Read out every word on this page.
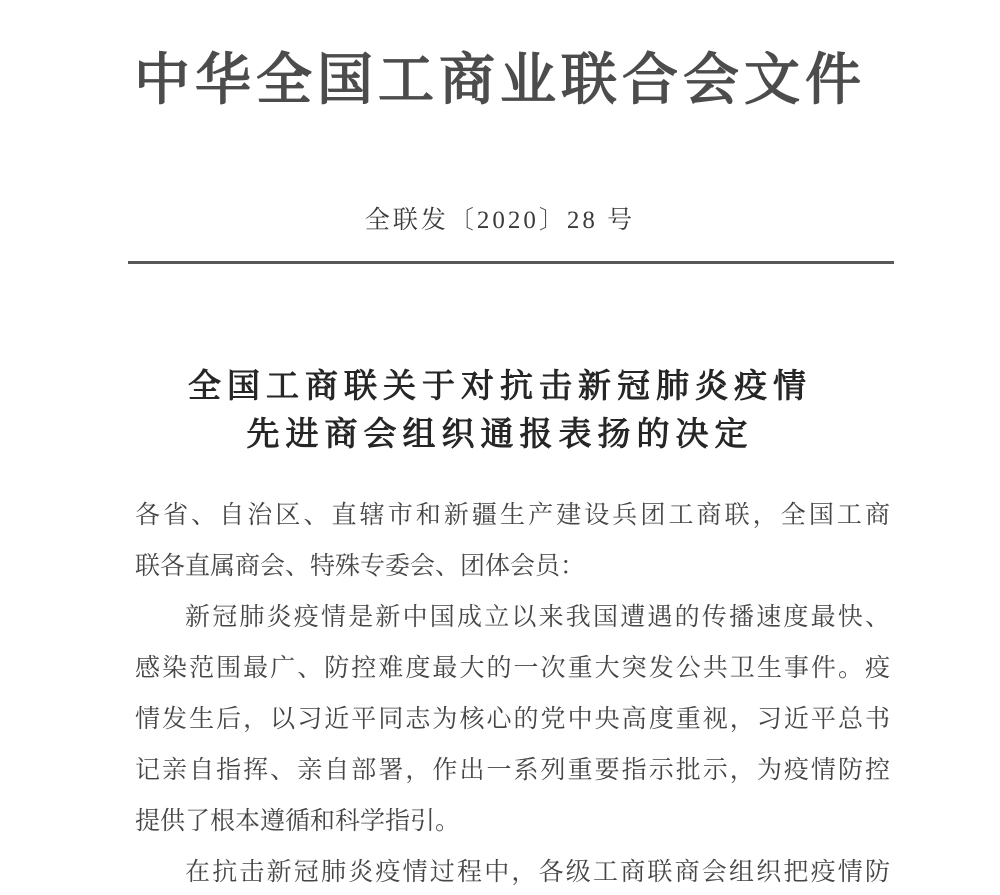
中华全国工商业联合会文件
全联发〔2020〕28 号
全国工商联关于对抗击新冠肺炎疫情
先进商会组织通报表扬的决定
各省、自治区、直辖市和新疆生产建设兵团工商联，全国工商
联各直属商会、特殊专委会、团体会员：
新冠肺炎疫情是新中国成立以来我国遭遇的传播速度最快、
感染范围最广、防控难度最大的一次重大突发公共卫生事件。疫
情发生后，以习近平同志为核心的党中央高度重视，习近平总书
记亲自指挥、亲自部署，作出一系列重要指示批示，为疫情防控
提供了根本遵循和科学指引。
在抗击新冠肺炎疫情过程中，各级工商联商会组织把疫情防
